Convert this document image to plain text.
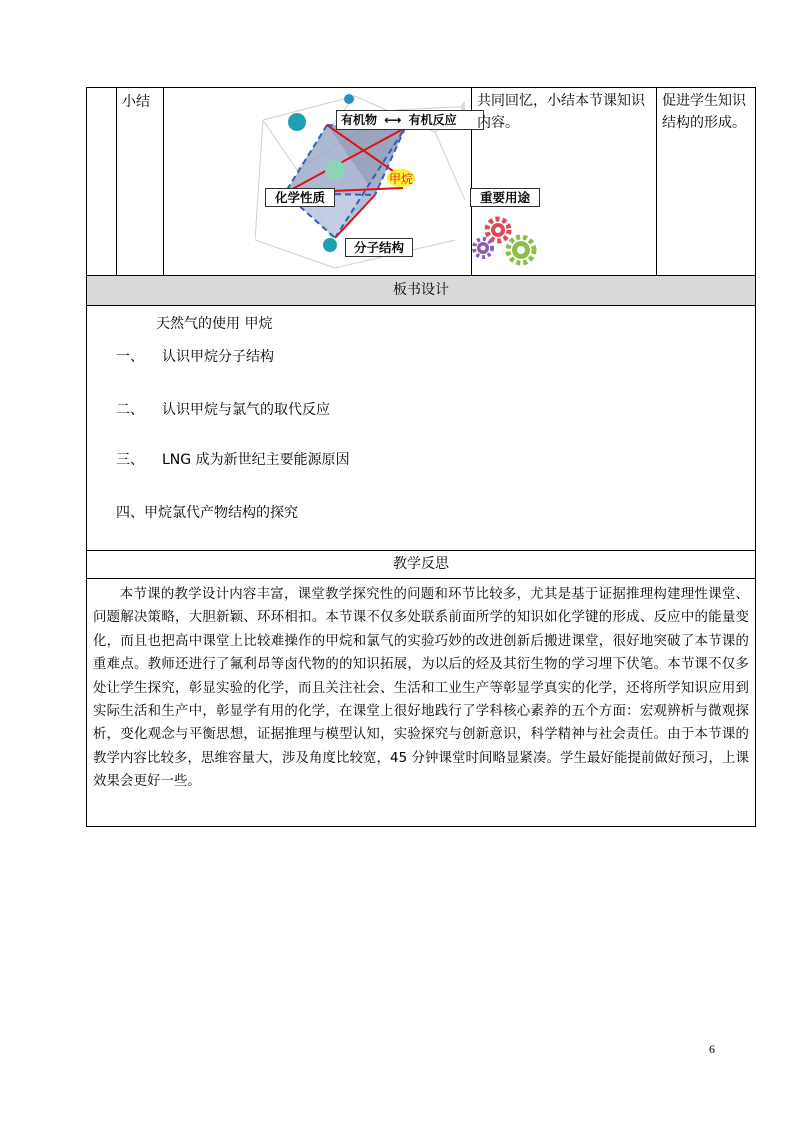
小结
甲烷
有机物 ⟷ 有机反应
化学性质	重要用途
分子结构
共同回忆，小结本节课知识内容。
促进学生知识结构的形成。
板书设计
天然气的使用 甲烷
一、 认识甲烷分子结构
二、 认识甲烷与氯气的取代反应
三、 LNG 成为新世纪主要能源原因
四、甲烷氯代产物结构的探究
教学反思
本节课的教学设计内容丰富，课堂教学探究性的问题和环节比较多，尤其是基于证据推理构建理性课堂、问题解决策略，大胆新颖、环环相扣。本节课不仅多处联系前面所学的知识如化学键的形成、反应中的能量变化，而且也把高中课堂上比较难操作的甲烷和氯气的实验巧妙的改进创新后搬进课堂，很好地突破了本节课的重难点。教师还进行了氟利昂等卤代物的的知识拓展，为以后的烃及其衍生物的学习埋下伏笔。本节课不仅多处让学生探究，彰显实验的化学，而且关注社会、生活和工业生产等彰显学真实的化学，还将所学知识应用到实际生活和生产中，彰显学有用的化学，在课堂上很好地践行了学科核心素养的五个方面：宏观辨析与微观探析，变化观念与平衡思想，证据推理与模型认知，实验探究与创新意识，科学精神与社会责任。由于本节课的教学内容比较多，思维容量大，涉及角度比较宽，45 分钟课堂时间略显紧凑。学生最好能提前做好预习，上课效果会更好一些。
6
